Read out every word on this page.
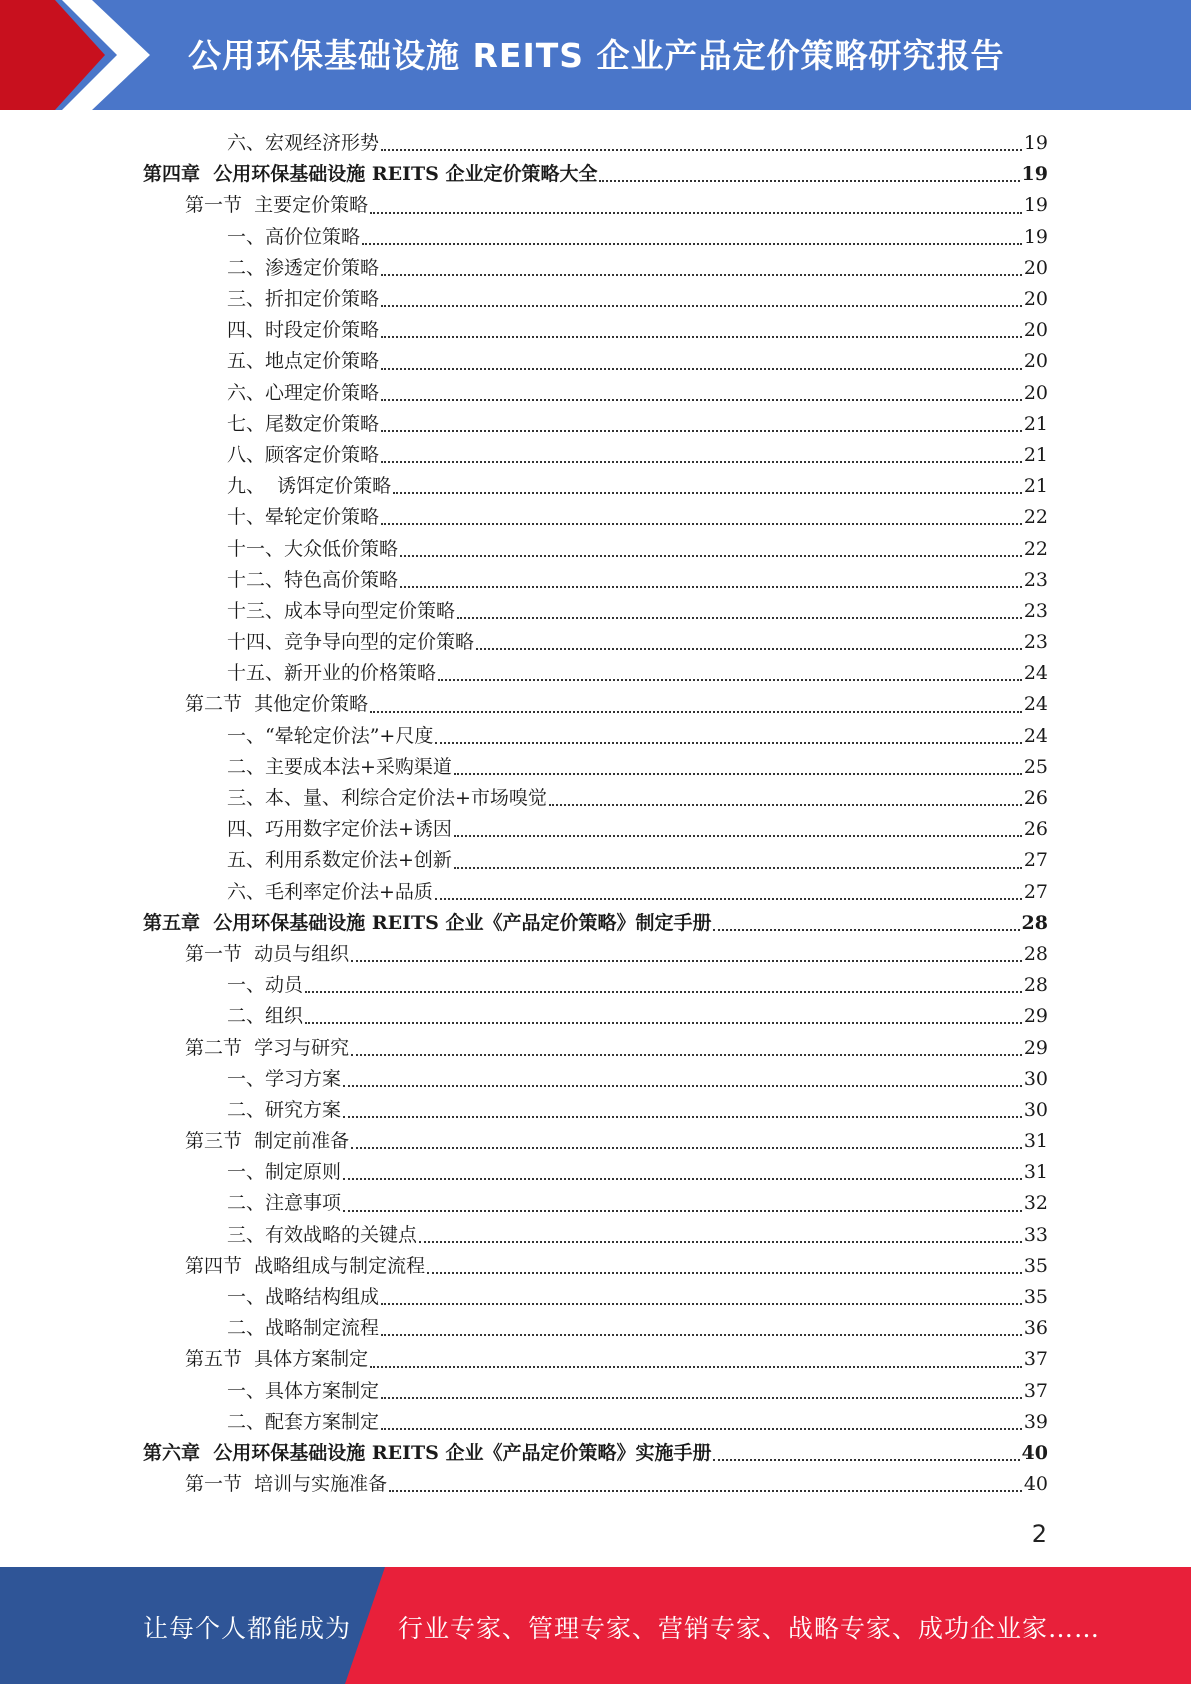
公用环保基础设施 REITS 企业产品定价策略研究报告
六、宏观经济形势	19
第四章  公用环保基础设施 REITS 企业定价策略大全	19
第一节  主要定价策略	19
一、高价位策略	19
二、渗透定价策略	20
三、折扣定价策略	20
四、时段定价策略	20
五、地点定价策略	20
六、心理定价策略	20
七、尾数定价策略	21
八、顾客定价策略	21
九、  诱饵定价策略	21
十、晕轮定价策略	22
十一、大众低价策略	22
十二、特色高价策略	23
十三、成本导向型定价策略	23
十四、竞争导向型的定价策略	23
十五、新开业的价格策略	24
第二节  其他定价策略	24
一、“晕轮定价法”+尺度	24
二、主要成本法+采购渠道	25
三、本、量、利综合定价法+市场嗅觉	26
四、巧用数字定价法+诱因	26
五、利用系数定价法+创新	27
六、毛利率定价法+品质	27
第五章  公用环保基础设施 REITS 企业《产品定价策略》制定手册	28
第一节  动员与组织	28
一、动员	28
二、组织	29
第二节  学习与研究	29
一、学习方案	30
二、研究方案	30
第三节  制定前准备	31
一、制定原则	31
二、注意事项	32
三、有效战略的关键点	33
第四节  战略组成与制定流程	35
一、战略结构组成	35
二、战略制定流程	36
第五节  具体方案制定	37
一、具体方案制定	37
二、配套方案制定	39
第六章  公用环保基础设施 REITS 企业《产品定价策略》实施手册	40
第一节  培训与实施准备	40
2
让每个人都能成为 行业专家、管理专家、营销专家、战略专家、成功企业家……
